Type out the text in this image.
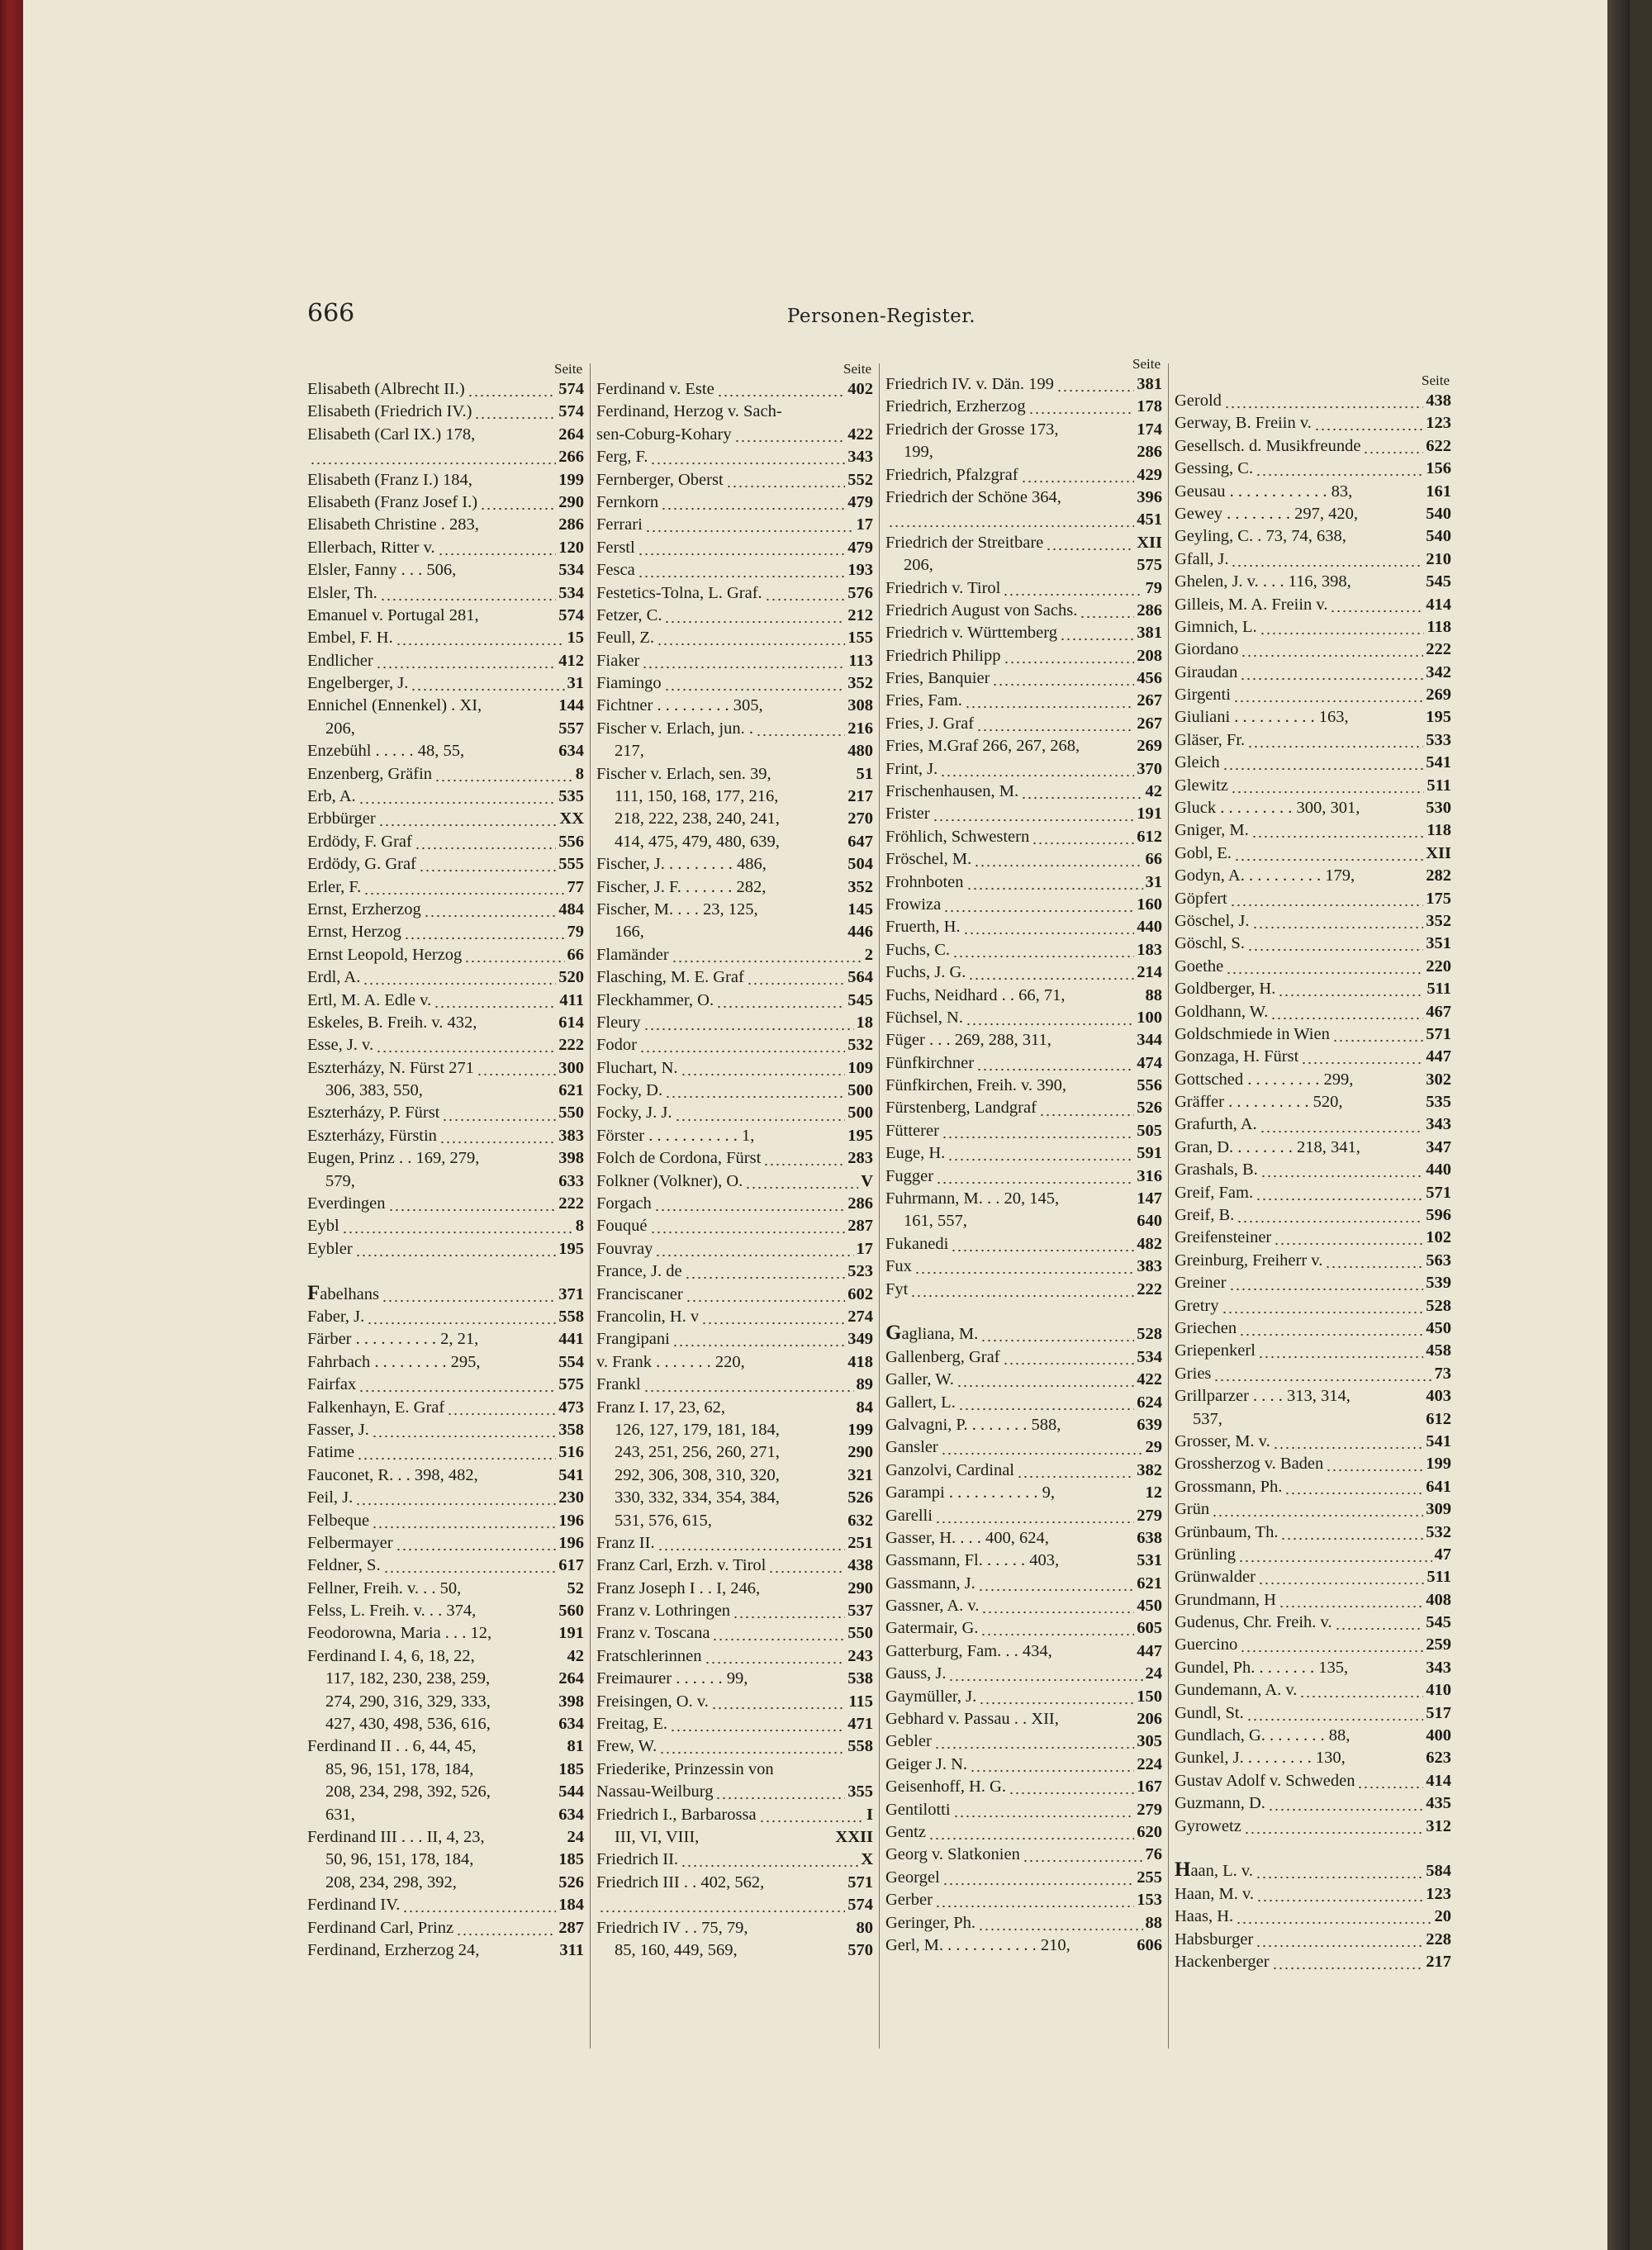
666	Personen-Register.
Seite
Elisabeth (Albrecht II.)	574
Elisabeth (Friedrich IV.)	574
Elisabeth (Carl IX.) 178,	264
266
Elisabeth (Franz I.) 184,	199
Elisabeth (Franz Josef I.)	290
Elisabeth Christine . 283,	286
Ellerbach, Ritter v.	120
Elsler, Fanny . . . 506,	534
Elsler, Th.	534
Emanuel v. Portugal 281,	574
Embel, F. H.	15
Endlicher	412
Engelberger, J.	31
Ennichel (Ennenkel) . XI,	144
206,	557
Enzebühl . . . . . 48, 55,	634
Enzenberg, Gräfin	8
Erb, A.	535
Erbbürger	XX
Erdödy, F. Graf	556
Erdödy, G. Graf	555
Erler, F.	77
Ernst, Erzherzog	484
Ernst, Herzog	79
Ernst Leopold, Herzog	66
Erdl, A.	520
Ertl, M. A. Edle v.	411
Eskeles, B. Freih. v. 432,	614
Esse, J. v.	222
Eszterházy, N. Fürst 271	300
306, 383, 550,	621
Eszterházy, P. Fürst	550
Eszterházy, Fürstin	383
Eugen, Prinz . . 169, 279,	398
579,	633
Everdingen	222
Eybl	8
Eybler	195
Fabelhans	371
Faber, J.	558
Färber . . . . . . . . . . 2, 21,	441
Fahrbach . . . . . . . . . 295,	554
Fairfax	575
Falkenhayn, E. Graf	473
Fasser, J.	358
Fatime	516
Fauconet, R. . . 398, 482,	541
Feil, J.	230
Felbeque	196
Felbermayer	196
Feldner, S.	617
Fellner, Freih. v. . . 50,	52
Felss, L. Freih. v. . . 374,	560
Feodorowna, Maria . . . 12,	191
Ferdinand I. 4, 6, 18, 22,	42
117, 182, 230, 238, 259,	264
274, 290, 316, 329, 333,	398
427, 430, 498, 536, 616,	634
Ferdinand II . . 6, 44, 45,	81
85, 96, 151, 178, 184,	185
208, 234, 298, 392, 526,	544
631,	634
Ferdinand III . . . II, 4, 23,	24
50, 96, 151, 178, 184,	185
208, 234, 298, 392,	526
Ferdinand IV.	184
Ferdinand Carl, Prinz	287
Ferdinand, Erzherzog 24,	311
Seite
Ferdinand v. Este	402
Ferdinand, Herzog v. Sach-
sen-Coburg-Kohary	422
Ferg, F.	343
Fernberger, Oberst	552
Fernkorn	479
Ferrari	17
Ferstl	479
Fesca	193
Festetics-Tolna, L. Graf.	576
Fetzer, C.	212
Feull, Z.	155
Fiaker	113
Fiamingo	352
Fichtner . . . . . . . . . 305,	308
Fischer v. Erlach, jun. .	216
217,	480
Fischer v. Erlach, sen. 39,	51
111, 150, 168, 177, 216,	217
218, 222, 238, 240, 241,	270
414, 475, 479, 480, 639,	647
Fischer, J. . . . . . . . . 486,	504
Fischer, J. F. . . . . . . 282,	352
Fischer, M. . . . 23, 125,	145
166,	446
Flamänder	2
Flasching, M. E. Graf	564
Fleckhammer, O.	545
Fleury	18
Fodor	532
Fluchart, N.	109
Focky, D.	500
Focky, J. J.	500
Förster . . . . . . . . . . . 1,	195
Folch de Cordona, Fürst	283
Folkner (Volkner), O.	V
Forgach	286
Fouqué	287
Fouvray	17
France, J. de	523
Franciscaner	602
Francolin, H. v	274
Frangipani	349
v. Frank . . . . . . . 220,	418
Frankl	89
Franz I. 17, 23, 62,	84
126, 127, 179, 181, 184,	199
243, 251, 256, 260, 271,	290
292, 306, 308, 310, 320,	321
330, 332, 334, 354, 384,	526
531, 576, 615,	632
Franz II.	251
Franz Carl, Erzh. v. Tirol	438
Franz Joseph I . . I, 246,	290
Franz v. Lothringen	537
Franz v. Toscana	550
Fratschlerinnen	243
Freimaurer . . . . . . 99,	538
Freisingen, O. v.	115
Freitag, E.	471
Frew, W.	558
Friederike, Prinzessin von
Nassau-Weilburg	355
Friedrich I., Barbarossa	I
III, VI, VIII,	XXII
Friedrich II.	X
Friedrich III . . 402, 562,	571
574
Friedrich IV . . 75, 79,	80
85, 160, 449, 569,	570
Seite
Friedrich IV. v. Dän. 199	381
Friedrich, Erzherzog	178
Friedrich der Grosse 173,	174
199,	286
Friedrich, Pfalzgraf	429
Friedrich der Schöne 364,	396
451
Friedrich der Streitbare	XII
206,	575
Friedrich v. Tirol	79
Friedrich August von Sachs.	286
Friedrich v. Württemberg	381
Friedrich Philipp	208
Fries, Banquier	456
Fries, Fam.	267
Fries, J. Graf	267
Fries, M.Graf 266, 267, 268,	269
Frint, J.	370
Frischenhausen, M.	42
Frister	191
Fröhlich, Schwestern	612
Fröschel, M.	66
Frohnboten	31
Frowiza	160
Fruerth, H.	440
Fuchs, C.	183
Fuchs, J. G.	214
Fuchs, Neidhard . . 66, 71,	88
Füchsel, N.	100
Füger . . . 269, 288, 311,	344
Fünfkirchner	474
Fünfkirchen, Freih. v. 390,	556
Fürstenberg, Landgraf	526
Fütterer	505
Euge, H.	591
Fugger	316
Fuhrmann, M. . . 20, 145,	147
161, 557,	640
Fukanedi	482
Fux	383
Fyt	222
Gagliana, M.	528
Gallenberg, Graf	534
Galler, W.	422
Gallert, L.	624
Galvagni, P. . . . . . . . 588,	639
Gansler	29
Ganzolvi, Cardinal	382
Garampi . . . . . . . . . . . 9,	12
Garelli	279
Gasser, H. . . . 400, 624,	638
Gassmann, Fl. . . . . . 403,	531
Gassmann, J.	621
Gassner, A. v.	450
Gatermair, G.	605
Gatterburg, Fam. . . 434,	447
Gauss, J.	24
Gaymüller, J.	150
Gebhard v. Passau . . XII,	206
Gebler	305
Geiger J. N.	224
Geisenhoff, H. G.	167
Gentilotti	279
Gentz	620
Georg v. Slatkonien	76
Georgel	255
Gerber	153
Geringer, Ph.	88
Gerl, M. . . . . . . . . . . . 210,	606
Seite
Gerold	438
Gerway, B. Freiin v.	123
Gesellsch. d. Musikfreunde	622
Gessing, C.	156
Geusau . . . . . . . . . . . . 83,	161
Gewey . . . . . . . . 297, 420,	540
Geyling, C. . 73, 74, 638,	540
Gfall, J.	210
Ghelen, J. v. . . . 116, 398,	545
Gilleis, M. A. Freiin v.	414
Gimnich, L.	118
Giordano	222
Giraudan	342
Girgenti	269
Giuliani . . . . . . . . . . 163,	195
Gläser, Fr.	533
Gleich	541
Glewitz	511
Gluck . . . . . . . . . 300, 301,	530
Gniger, M.	118
Gobl, E.	XII
Godyn, A. . . . . . . . . . 179,	282
Göpfert	175
Göschel, J.	352
Göschl, S.	351
Goethe	220
Goldberger, H.	511
Goldhann, W.	467
Goldschmiede in Wien	571
Gonzaga, H. Fürst	447
Gottsched . . . . . . . . . 299,	302
Gräffer . . . . . . . . . . 520,	535
Grafurth, A.	343
Gran, D. . . . . . . . 218, 341,	347
Grashals, B.	440
Greif, Fam.	571
Greif, B.	596
Greifensteiner	102
Greinburg, Freiherr v.	563
Greiner	539
Gretry	528
Griechen	450
Griepenkerl	458
Gries	73
Grillparzer . . . . 313, 314,	403
537,	612
Grosser, M. v.	541
Grossherzog v. Baden	199
Grossmann, Ph.	641
Grün	309
Grünbaum, Th.	532
Grünling	47
Grünwalder	511
Grundmann, H	408
Gudenus, Chr. Freih. v.	545
Guercino	259
Gundel, Ph. . . . . . . . 135,	343
Gundemann, A. v.	410
Gundl, St.	517
Gundlach, G. . . . . . . . 88,	400
Gunkel, J. . . . . . . . . 130,	623
Gustav Adolf v. Schweden	414
Guzmann, D.	435
Gyrowetz	312
Haan, L. v.	584
Haan, M. v.	123
Haas, H.	20
Habsburger	228
Hackenberger	217
